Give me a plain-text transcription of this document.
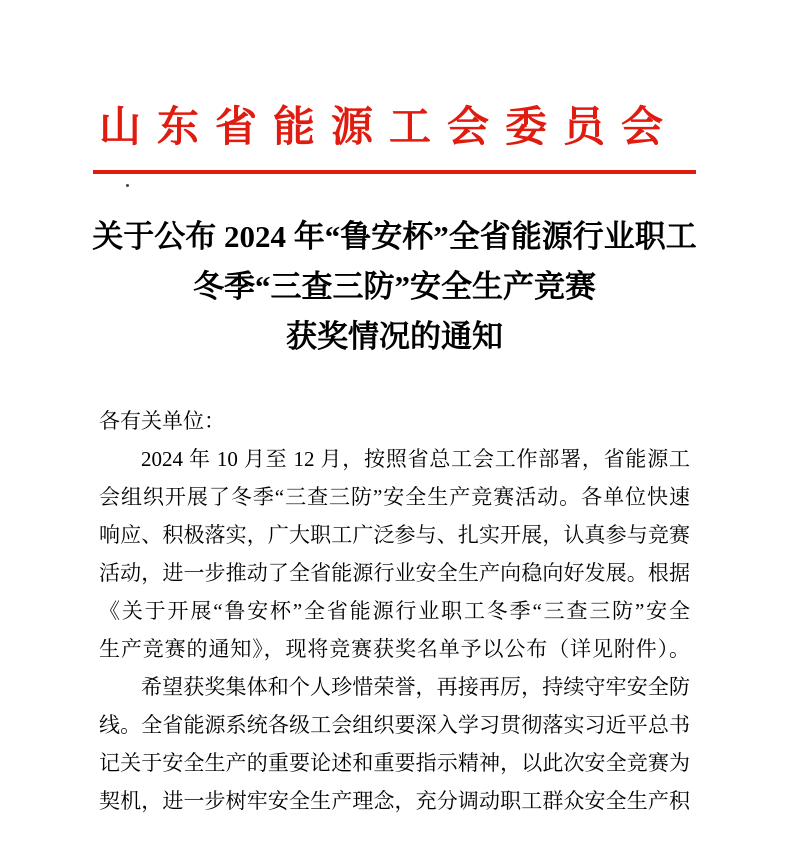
山东省能源工会委员会
关于公布 2024 年“鲁安杯”全省能源行业职工
冬季“三查三防”安全生产竞赛
获奖情况的通知
各有关单位：
2024 年 10 月至 12 月，按照省总工会工作部署，省能源工
会组织开展了冬季“三查三防”安全生产竞赛活动。各单位快速
响应、积极落实，广大职工广泛参与、扎实开展，认真参与竞赛
活动，进一步推动了全省能源行业安全生产向稳向好发展。根据
《关于开展“鲁安杯”全省能源行业职工冬季“三查三防”安全
生产竞赛的通知》，现将竞赛获奖名单予以公布（详见附件）。
希望获奖集体和个人珍惜荣誉，再接再厉，持续守牢安全防
线。全省能源系统各级工会组织要深入学习贯彻落实习近平总书
记关于安全生产的重要论述和重要指示精神，以此次安全竞赛为
契机，进一步树牢安全生产理念，充分调动职工群众安全生产积
